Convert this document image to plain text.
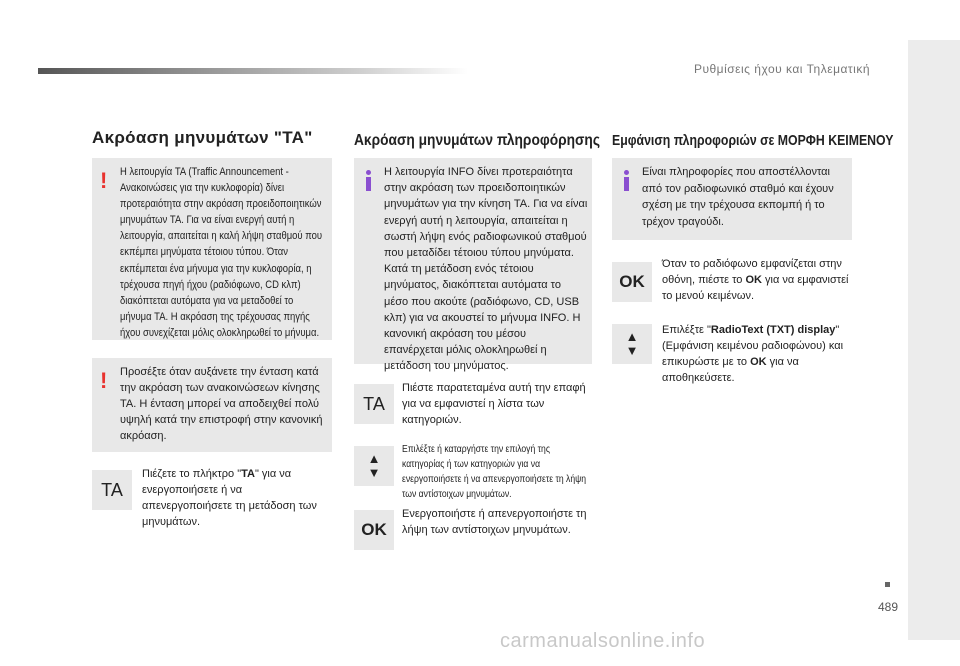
Ρυθμίσεις ήχου και Τηλεματική
Ακρόαση μηνυμάτων "ΤΑ"
! Η λειτουργία TA (Traffic Announcement - Ανακοινώσεις για την κυκλοφορία) δίνει προτεραιότητα στην ακρόαση προειδοποιητικών μηνυμάτων TA. Για να είναι ενεργή αυτή η λειτουργία, απαιτείται η καλή λήψη σταθμού που εκπέμπει μηνύματα τέτοιου τύπου. Όταν εκπέμπεται ένα μήνυμα για την κυκλοφορία, η τρέχουσα πηγή ήχου (ραδιόφωνο, CD κλπ) διακόπτεται αυτόματα για να μεταδοθεί το μήνυμα TA. Η ακρόαση της τρέχουσας πηγής ήχου συνεχίζεται μόλις ολοκληρωθεί το μήνυμα.
! Προσέξτε όταν αυξάνετε την ένταση κατά την ακρόαση των ανακοινώσεων κίνησης TA. Η ένταση μπορεί να αποδειχθεί πολύ υψηλή κατά την επιστροφή στην κανονική ακρόαση.
TA
Πιέζετε το πλήκτρο "TA" για να ενεργοποιήσετε ή να απενεργοποιήσετε τη μετάδοση των μηνυμάτων.
Ακρόαση μηνυμάτων πληροφόρησης
Η λειτουργία INFO δίνει προτεραιότητα στην ακρόαση των προειδοποιητικών μηνυμάτων για την κίνηση TA. Για να είναι ενεργή αυτή η λειτουργία, απαιτείται η σωστή λήψη ενός ραδιοφωνικού σταθμού που μεταδίδει τέτοιου τύπου μηνύματα. Κατά τη μετάδοση ενός τέτοιου μηνύματος, διακόπτεται αυτόματα το μέσο που ακούτε (ραδιόφωνο, CD, USB κλπ) για να ακουστεί το μήνυμα INFO. Η κανονική ακρόαση του μέσου επανέρχεται μόλις ολοκληρωθεί η μετάδοση του μηνύματος.
TA
Πιέστε παρατεταμένα αυτή την επαφή για να εμφανιστεί η λίστα των κατηγοριών.
▲
▼
Επιλέξτε ή καταργήστε την επιλογή της κατηγορίας ή των κατηγοριών για να ενεργοποιήσετε ή να απενεργοποιήσετε τη λήψη των αντίστοιχων μηνυμάτων.
OK
Ενεργοποιήστε ή απενεργοποιήστε τη λήψη των αντίστοιχων μηνυμάτων.
Εμφάνιση πληροφοριών σε ΜΟΡΦΗ ΚΕΙΜΕΝΟΥ
Είναι πληροφορίες που αποστέλλονται από τον ραδιοφωνικό σταθμό και έχουν σχέση με την τρέχουσα εκπομπή ή το τρέχον τραγούδι.
OK
Όταν το ραδιόφωνο εμφανίζεται στην οθόνη, πιέστε το OK για να εμφανιστεί το μενού κειμένων.
▲
▼
Επιλέξτε "RadioText (TXT) display" (Εμφάνιση κειμένου ραδιοφώνου) και επικυρώστε με το OK για να αποθηκεύσετε.
489
carmanualsonline.info
